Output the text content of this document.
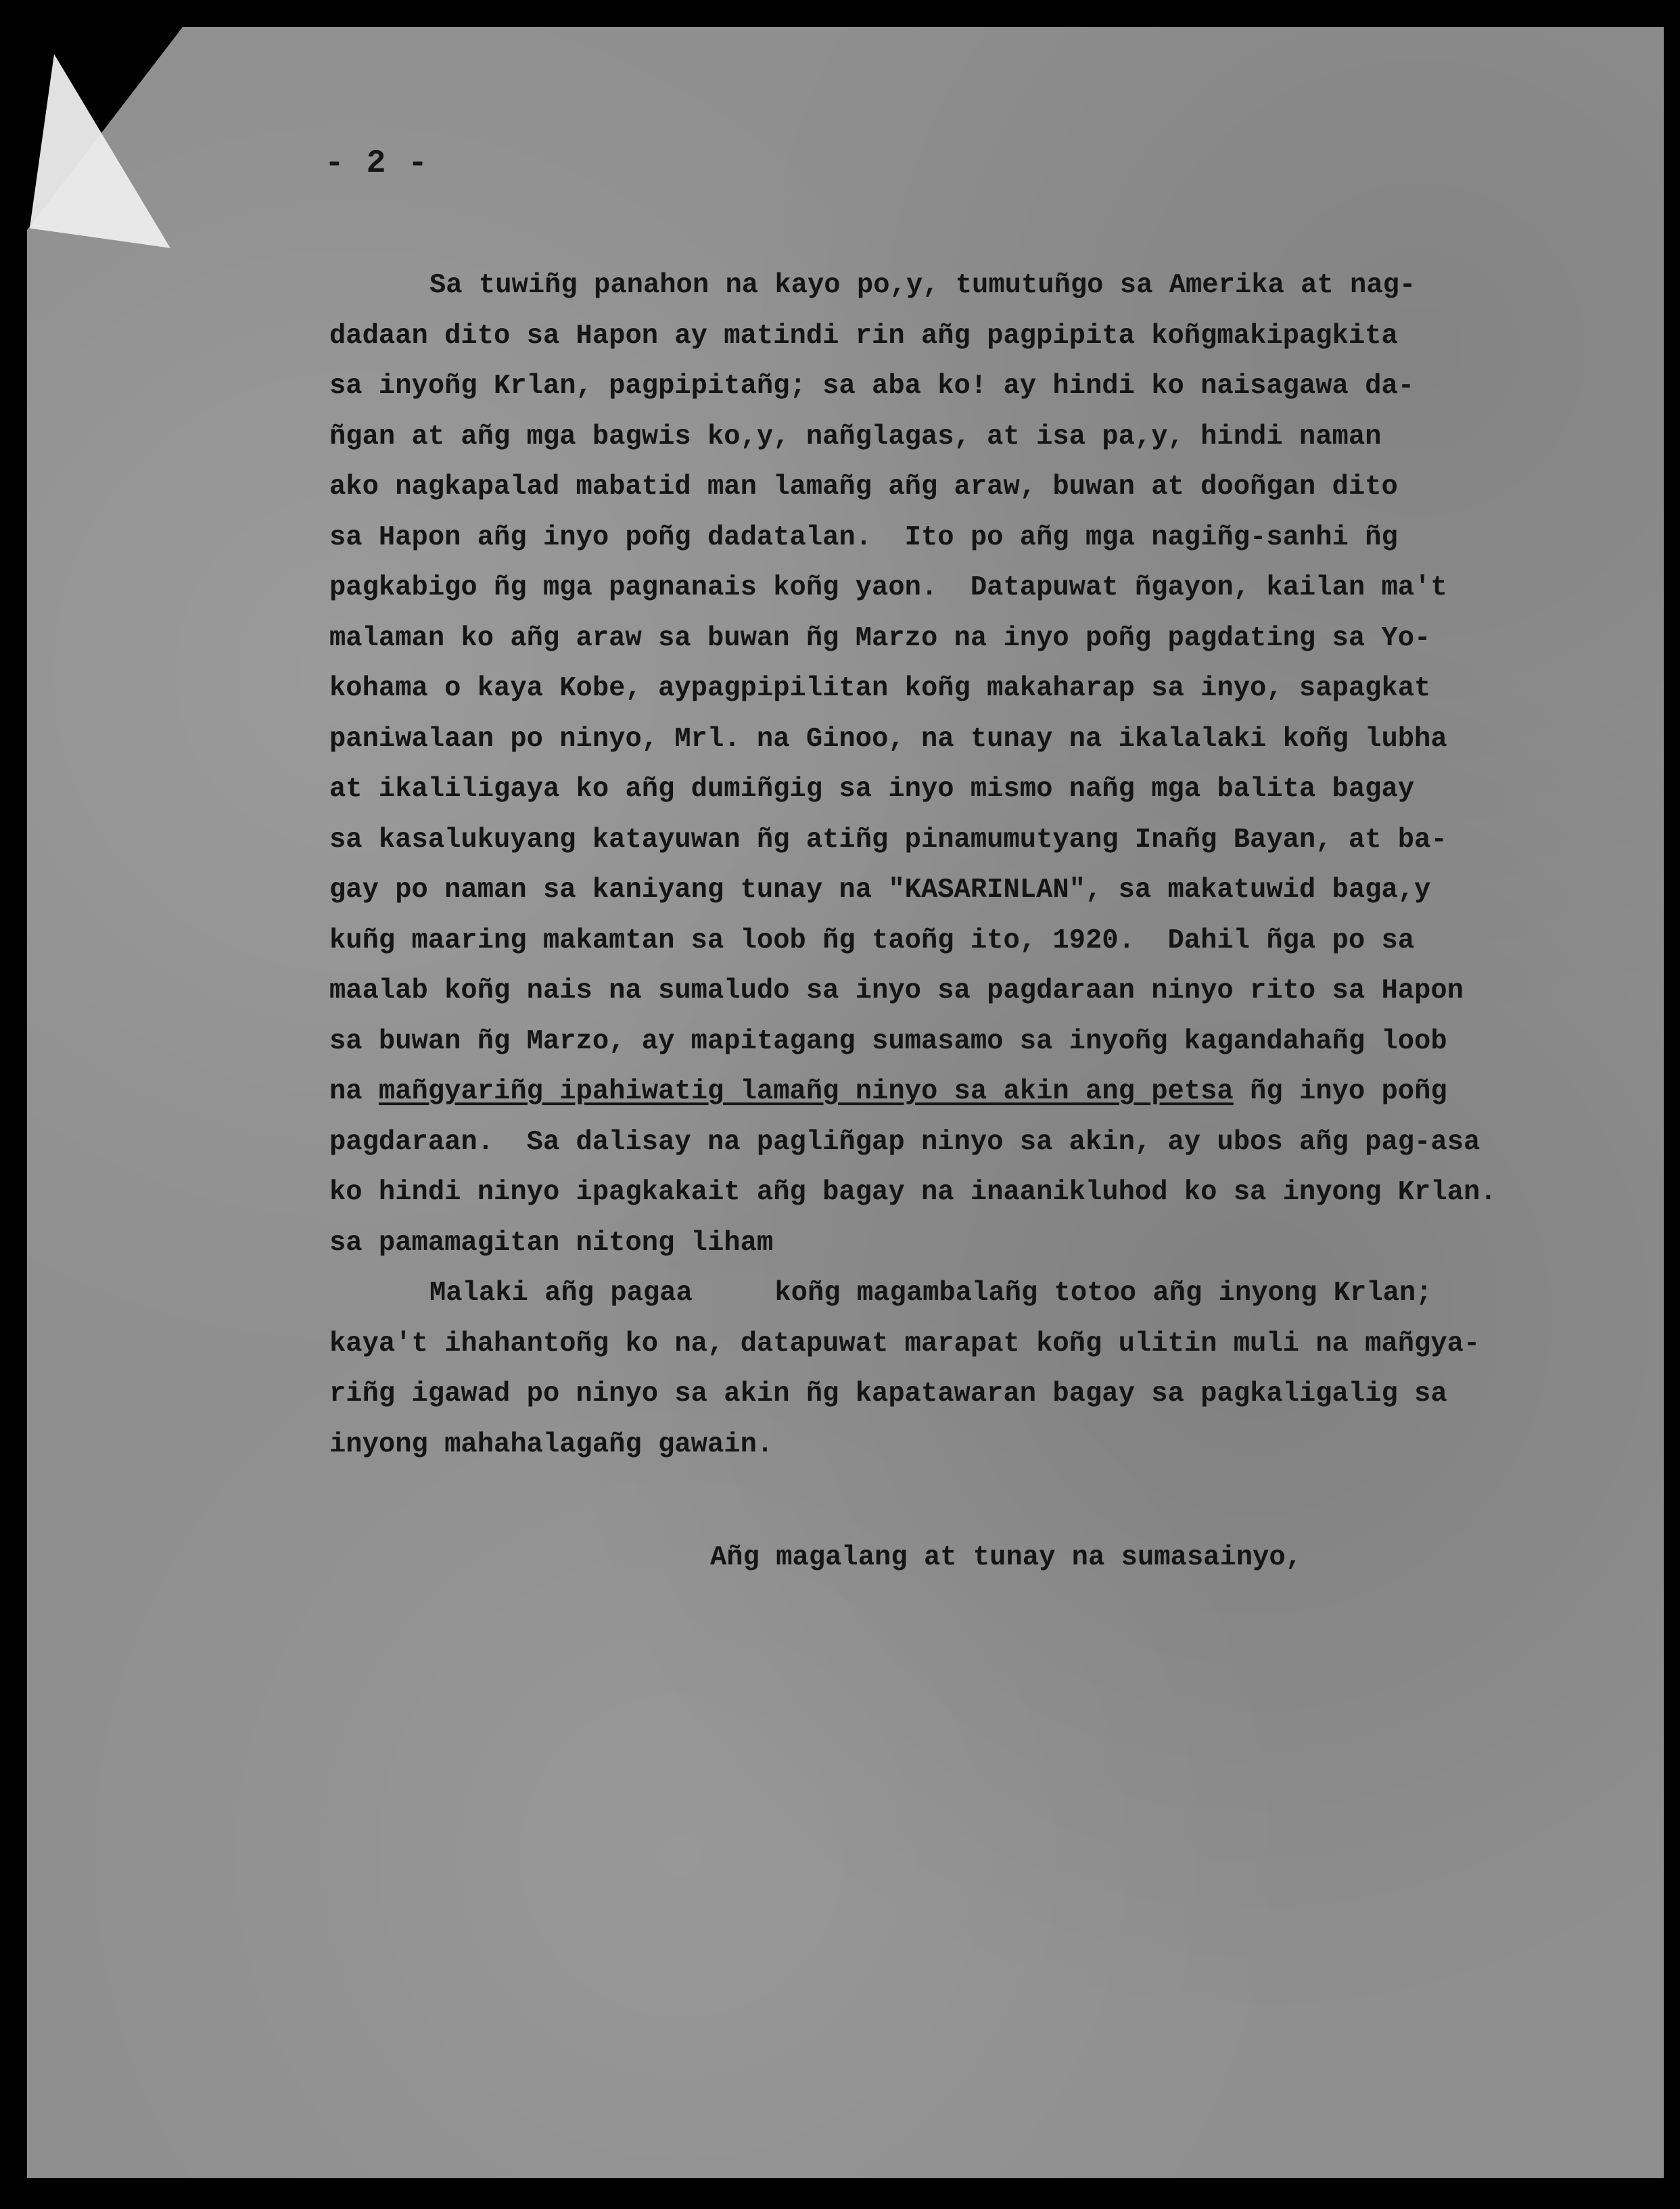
- 2 -
Sa tuwiñg panahon na kayo po,y, tumutuñgo sa Amerika at nag-
dadaan dito sa Hapon ay matindi rin añg pagpipita koñgmakipagkita
sa inyoñg Krlan, pagpipitañg; sa aba ko! ay hindi ko naisagawa da-
ñgan at añg mga bagwis ko,y, nañglagas, at isa pa,y, hindi naman
ako nagkapalad mabatid man lamañg añg araw, buwan at dooñgan dito
sa Hapon añg inyo poñg dadatalan.  Ito po añg mga nagiñg-sanhi ñg
pagkabigo ñg mga pagnanais koñg yaon.  Datapuwat ñgayon, kailan ma't
malaman ko añg araw sa buwan ñg Marzo na inyo poñg pagdating sa Yo-
kohama o kaya Kobe, aypagpipilitan koñg makaharap sa inyo, sapagkat
paniwalaan po ninyo, Mrl. na Ginoo, na tunay na ikalalaki koñg lubha
at ikaliligaya ko añg dumiñgig sa inyo mismo nañg mga balita bagay
sa kasalukuyang katayuwan ñg atiñg pinamumutyang Inañg Bayan, at ba-
gay po naman sa kaniyang tunay na "KASARINLAN", sa makatuwid baga,y
kuñg maaring makamtan sa loob ñg taoñg ito, 1920.  Dahil ñga po sa
maalab koñg nais na sumaludo sa inyo sa pagdaraan ninyo rito sa Hapon
sa buwan ñg Marzo, ay mapitagang sumasamo sa inyoñg kagandahañg loob
na mañgyariñg ipahiwatig lamañg ninyo sa akin ang petsa ñg inyo poñg
pagdaraan.  Sa dalisay na pagliñgap ninyo sa akin, ay ubos añg pag-asa
ko hindi ninyo ipagkakait añg bagay na inaanikluhod ko sa inyong Krlan.
sa pamamagitan nitong liham
Malaki añg pagaa     koñg magambalañg totoo añg inyong Krlan;
kaya't ihahantoñg ko na, datapuwat marapat koñg ulitin muli na mañgya-
riñg igawad po ninyo sa akin ñg kapatawaran bagay sa pagkaligalig sa
inyong mahahalagañg gawain.
Añg magalang at tunay na sumasainyo,
